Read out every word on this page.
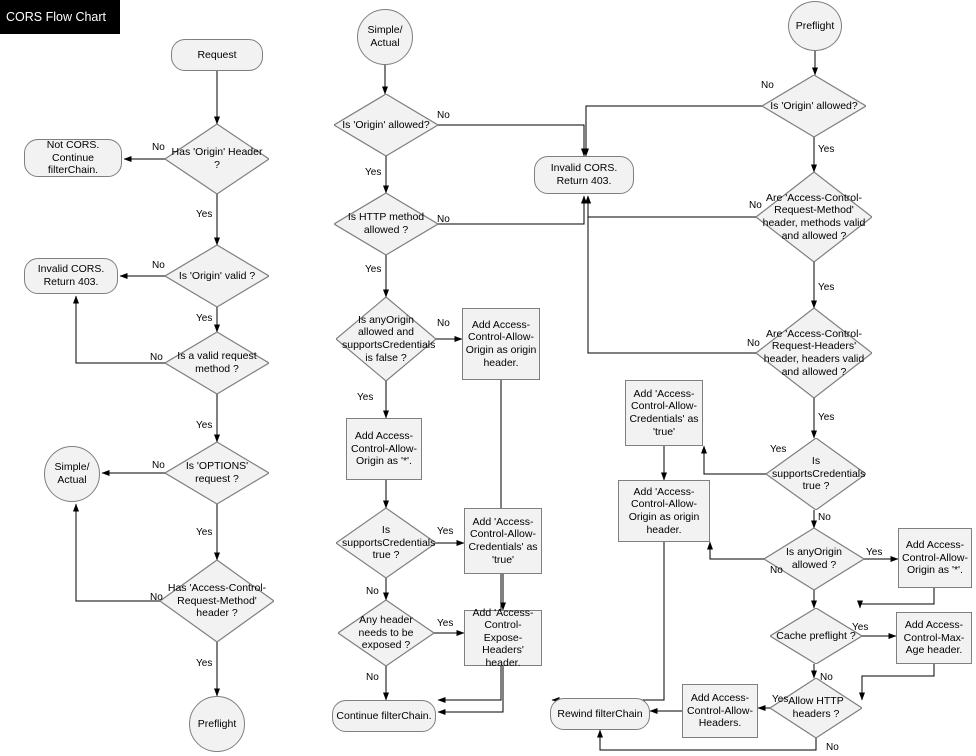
CORS Flow Chart
Request
Has 'Origin' Header ?
Not CORS. Continue filterChain.
Is 'Origin' valid ?
Invalid CORS. Return 403.
Is a valid request method ?
Is 'OPTIONS' request ?
Simple/ Actual
Has 'Access-Control-Request-Method' header ?
Preflight
Simple/ Actual
Is 'Origin' allowed?
Invalid CORS. Return 403.
Is HTTP method allowed ?
Is anyOrigin allowed and supportsCredentials is false ?
Add Access-Control-Allow-Origin as origin header.
Add Access-Control-Allow-Origin as '*'.
Is supportsCredentials true ?
Add 'Access-Control-Allow-Credentials' as 'true'
Any header needs to be exposed ?
Add 'Access-Control-Expose-Headers' header.
Continue filterChain.
Preflight
Is 'Origin' allowed?
Are 'Access-Control-Request-Method' header, methods valid and allowed ?
Are 'Access-Control-Request-Headers' header, headers valid and allowed ?
Is supportsCredentials true ?
Add 'Access-Control-Allow-Credentials' as 'true'
Add 'Access-Control-Allow-Origin as origin header.
Is anyOrigin allowed ?
Add Access-Control-Allow-Origin as '*'.
Cache preflight ?
Add Access-Control-Max-Age header.
Allow HTTP headers ?
Add Access-Control-Allow-Headers.
Rewind filterChain
No
Yes
No
Yes
No
Yes
No
Yes
No
Yes
No
Yes
No
Yes
No
Yes
Yes
No
Yes
No
No
Yes
No
Yes
No
Yes
Yes
No
No
Yes
Yes
No
Yes
No
